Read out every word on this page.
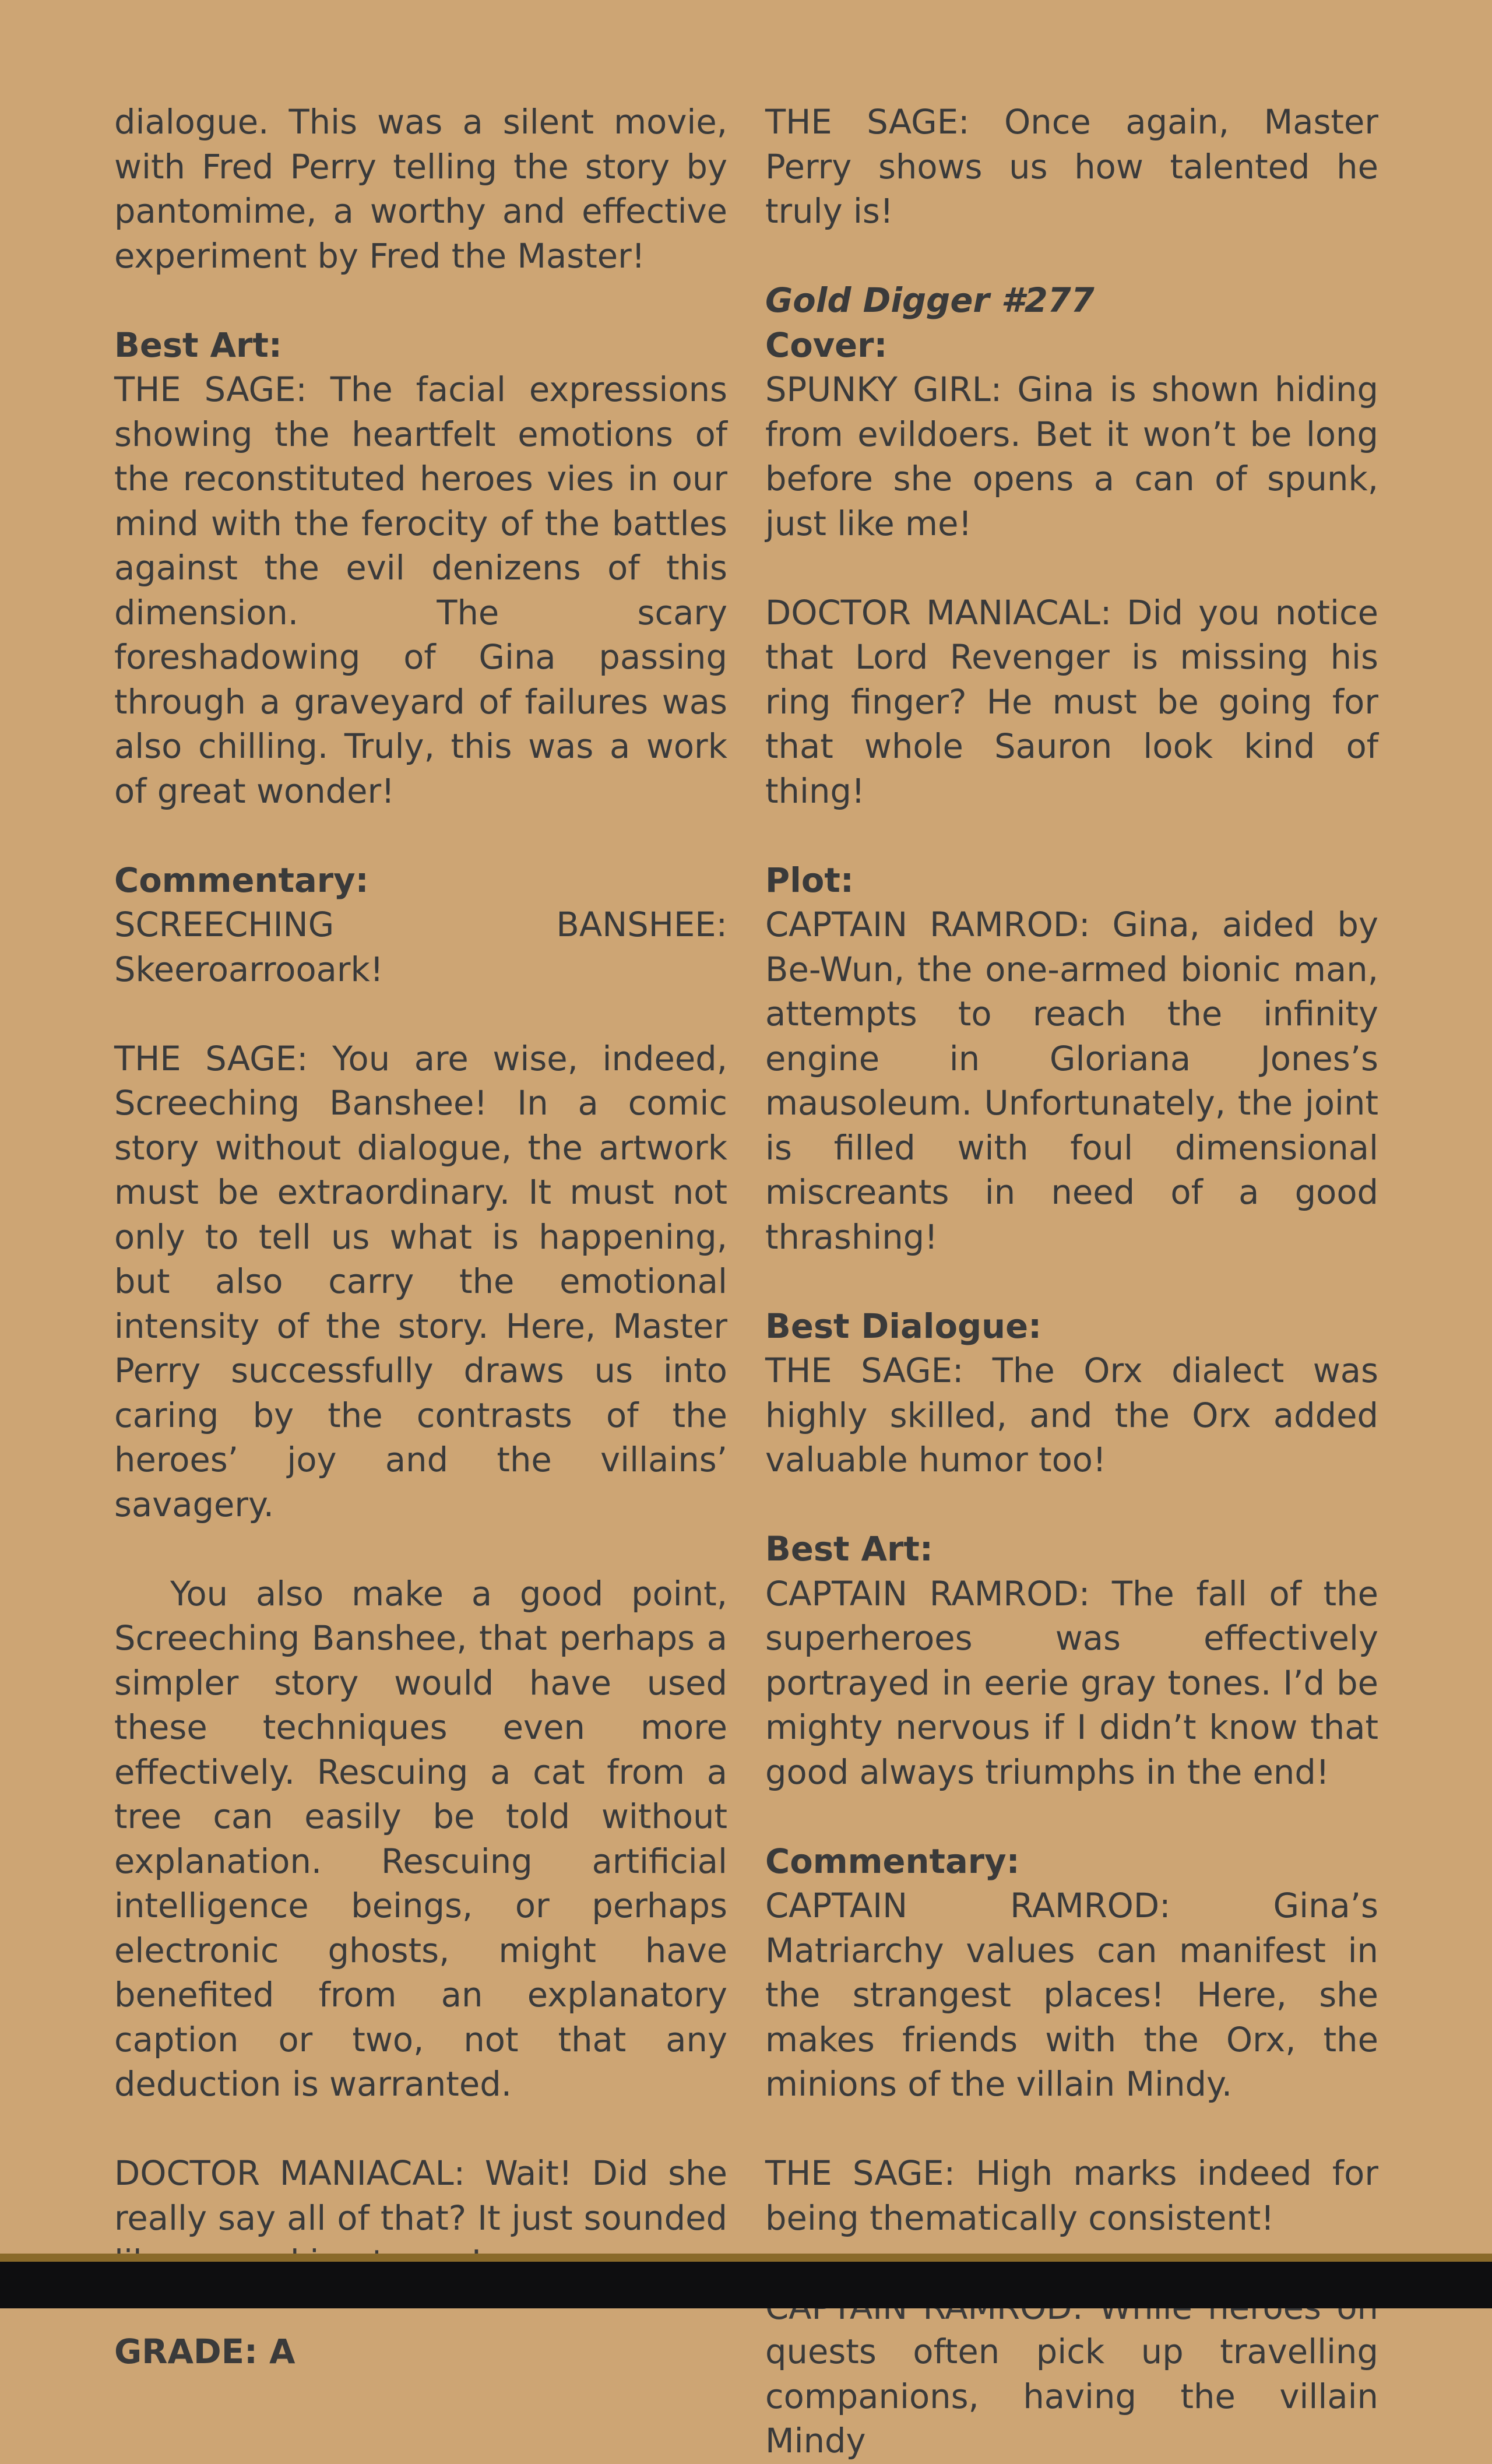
dialogue. This was a silent movie, with Fred Perry telling the story by pantomime, a worthy and effective experiment by Fred the Master!

Best Art:
THE SAGE: The facial expressions showing the heartfelt emotions of the reconstituted heroes vies in our mind with the ferocity of the battles against the evil denizens of this dimension. The scary foreshadowing of Gina passing through a graveyard of failures was also chilling. Truly, this was a work of great wonder!

Commentary:
SCREECHING BANSHEE: Skeeroarrooark!

THE SAGE: You are wise, indeed, Screeching Banshee! In a comic story without dialogue, the artwork must be extraordinary. It must not only to tell us what is happening, but also carry the emotional intensity of the story. Here, Master Perry successfully draws us into caring by the contrasts of the heroes’ joy and the villains’ savagery.

You also make a good point, Screeching Banshee, that perhaps a simpler story would have used these techniques even more effectively. Rescuing a cat from a tree can easily be told without explanation. Rescuing artificial intelligence beings, or perhaps electronic ghosts, might have benefited from an explanatory caption or two, not that any deduction is warranted.

DOCTOR MANIACAL: Wait! Did she really say all of that? It just sounded

GRADE: A

THE SAGE: Once again, Master Perry shows us how talented he truly is!

Gold Digger #277
Cover:
SPUNKY GIRL: Gina is shown hiding from evildoers. Bet it won’t be long before she opens a can of spunk, just like me!

DOCTOR MANIACAL: Did you notice that Lord Revenger is missing his ring finger? He must be going for that whole Sauron look kind of thing!

Plot:
CAPTAIN RAMROD: Gina, aided by Be-Wun, the one-armed bionic man, attempts to reach the infinity engine in Gloriana Jones’s mausoleum. Unfortunately, the joint is filled with foul dimensional miscreants in need of a good thrashing!

Best Dialogue:
THE SAGE: The Orx dialect was highly skilled, and the Orx added valuable humor too!

Best Art:
CAPTAIN RAMROD: The fall of the superheroes was effectively portrayed in eerie gray tones. I’d be mighty nervous if I didn’t know that good always triumphs in the end!

Commentary:
CAPTAIN RAMROD: Gina’s Matriarchy values can manifest in the strangest places! Here, she makes friends with the Orx, the minions of the villain Mindy.

THE SAGE: High marks indeed for being thematically consistent!

quests often pick up travelling companions, having the villain Mindy
